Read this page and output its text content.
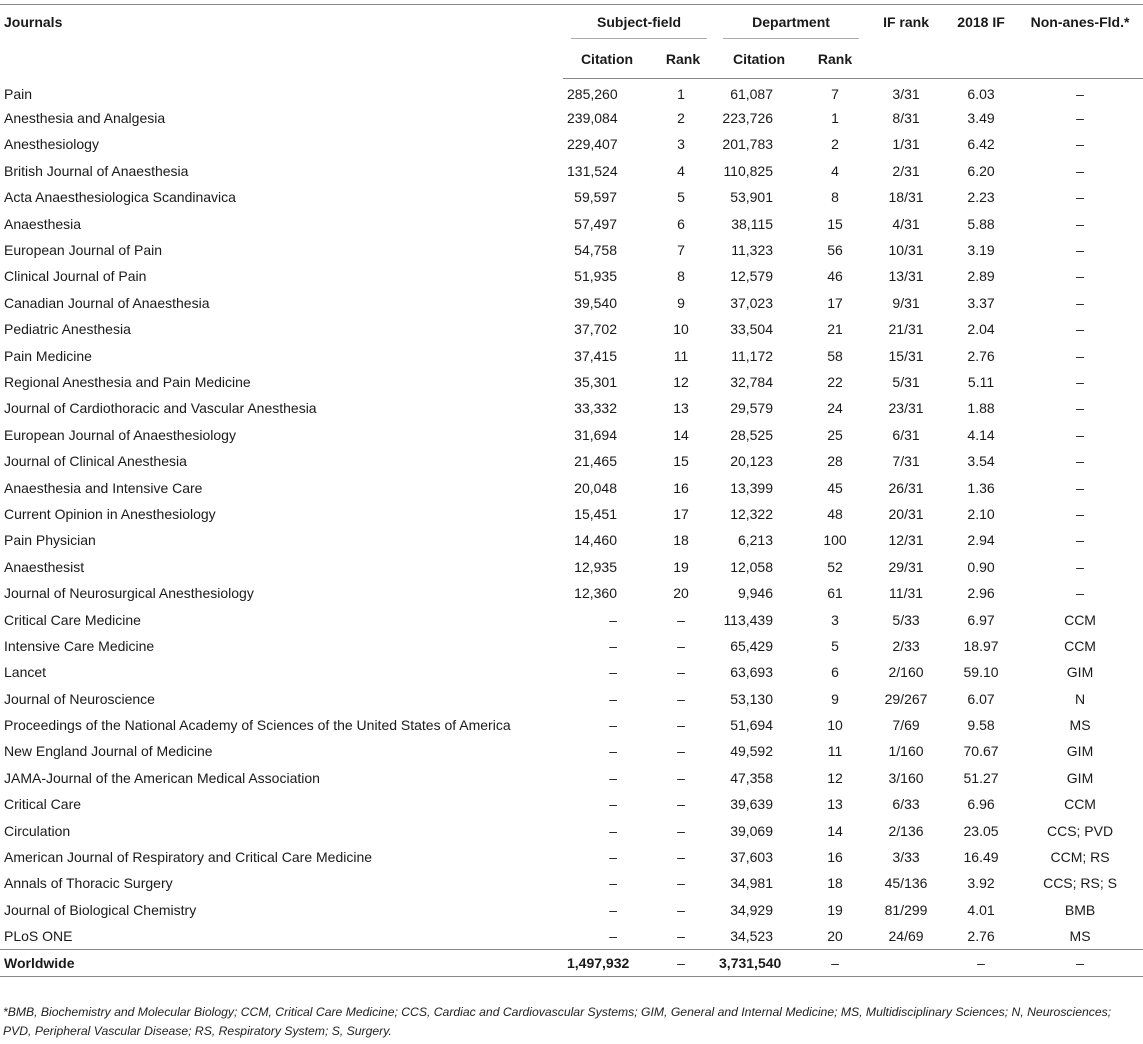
Journals	Subject-field		Department		IF rank	2018 IF	Non-anes-Fld.*
	Citation	Rank	Citation	Rank			
Pain	285,260	1	61,087	7	3/31	6.03	–
Anesthesia and Analgesia	239,084	2	223,726	1	8/31	3.49	–
Anesthesiology	229,407	3	201,783	2	1/31	6.42	–
British Journal of Anaesthesia	131,524	4	110,825	4	2/31	6.20	–
Acta Anaesthesiologica Scandinavica	59,597	5	53,901	8	18/31	2.23	–
Anaesthesia	57,497	6	38,115	15	4/31	5.88	–
European Journal of Pain	54,758	7	11,323	56	10/31	3.19	–
Clinical Journal of Pain	51,935	8	12,579	46	13/31	2.89	–
Canadian Journal of Anaesthesia	39,540	9	37,023	17	9/31	3.37	–
Pediatric Anesthesia	37,702	10	33,504	21	21/31	2.04	–
Pain Medicine	37,415	11	11,172	58	15/31	2.76	–
Regional Anesthesia and Pain Medicine	35,301	12	32,784	22	5/31	5.11	–
Journal of Cardiothoracic and Vascular Anesthesia	33,332	13	29,579	24	23/31	1.88	–
European Journal of Anaesthesiology	31,694	14	28,525	25	6/31	4.14	–
Journal of Clinical Anesthesia	21,465	15	20,123	28	7/31	3.54	–
Anaesthesia and Intensive Care	20,048	16	13,399	45	26/31	1.36	–
Current Opinion in Anesthesiology	15,451	17	12,322	48	20/31	2.10	–
Pain Physician	14,460	18	6,213	100	12/31	2.94	–
Anaesthesist	12,935	19	12,058	52	29/31	0.90	–
Journal of Neurosurgical Anesthesiology	12,360	20	9,946	61	11/31	2.96	–
Critical Care Medicine	–	–	113,439	3	5/33	6.97	CCM
Intensive Care Medicine	–	–	65,429	5	2/33	18.97	CCM
Lancet	–	–	63,693	6	2/160	59.10	GIM
Journal of Neuroscience	–	–	53,130	9	29/267	6.07	N
Proceedings of the National Academy of Sciences of the United States of America	–	–	51,694	10	7/69	9.58	MS
New England Journal of Medicine	–	–	49,592	11	1/160	70.67	GIM
JAMA-Journal of the American Medical Association	–	–	47,358	12	3/160	51.27	GIM
Critical Care	–	–	39,639	13	6/33	6.96	CCM
Circulation	–	–	39,069	14	2/136	23.05	CCS; PVD
American Journal of Respiratory and Critical Care Medicine	–	–	37,603	16	3/33	16.49	CCM; RS
Annals of Thoracic Surgery	–	–	34,981	18	45/136	3.92	CCS; RS; S
Journal of Biological Chemistry	–	–	34,929	19	81/299	4.01	BMB
PLoS ONE	–	–	34,523	20	24/69	2.76	MS
Worldwide	1,497,932	–	3,731,540	–		–	–
*BMB, Biochemistry and Molecular Biology; CCM, Critical Care Medicine; CCS, Cardiac and Cardiovascular Systems; GIM, General and Internal Medicine; MS, Multidisciplinary Sciences; N, Neurosciences; PVD, Peripheral Vascular Disease; RS, Respiratory System; S, Surgery.
